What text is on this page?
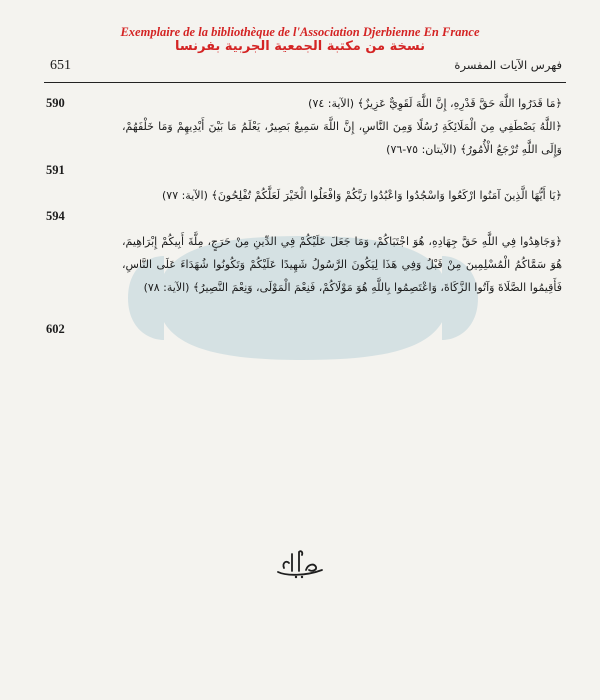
Exemplaire de la bibliothèque de l'Association Djerbienne En France
نسخة من مكتبة الجمعية الجربية بفرنسا
651	فهرس الآيات المفسرة
﴿مَا قَدَرُوا اللَّهَ حَقَّ قَدْرِهِ، إِنَّ اللَّهَ لَقَوِيٌّ عَزِيزٌ﴾ (الآية: ٧٤)
590
﴿اللَّهُ يَصْطَفِي مِنَ الْمَلَائِكَةِ رُسُلًا وَمِنَ النَّاسِ، إِنَّ اللَّهَ سَمِيعٌ بَصِيرٌ، يَعْلَمُ مَا بَيْنَ أَيْدِيهِمْ وَمَا خَلْفَهُمْ، وَإِلَى اللَّهِ تُرْجَعُ الْأُمُورُ﴾ (الآيتان: ٧٥-٧٦)
591
﴿يَا أَيُّهَا الَّذِينَ آمَنُوا ارْكَعُوا وَاسْجُدُوا وَاعْبُدُوا رَبَّكُمْ وَافْعَلُوا الْخَيْرَ لَعَلَّكُمْ تُفْلِحُونَ﴾ (الآية: ٧٧)
594
﴿وَجَاهِدُوا فِي اللَّهِ حَقَّ جِهَادِهِ، هُوَ اجْتَبَاكُمْ، وَمَا جَعَلَ عَلَيْكُمْ فِي الدِّينِ مِنْ حَرَجٍ، مِلَّةَ أَبِيكُمْ إِبْرَاهِيمَ، هُوَ سَمَّاكُمُ الْمُسْلِمِينَ مِنْ قَبْلُ وَفِي هَذَا لِيَكُونَ الرَّسُولُ شَهِيدًا عَلَيْكُمْ وَتَكُونُوا شُهَدَاءَ عَلَى النَّاسِ، فَأَقِيمُوا الصَّلَاةَ وَآتُوا الزَّكَاةَ، وَاعْتَصِمُوا بِاللَّهِ هُوَ مَوْلَاكُمْ، فَنِعْمَ الْمَوْلَى، وَنِعْمَ النَّصِيرُ﴾ (الآية: ٧٨)
602
